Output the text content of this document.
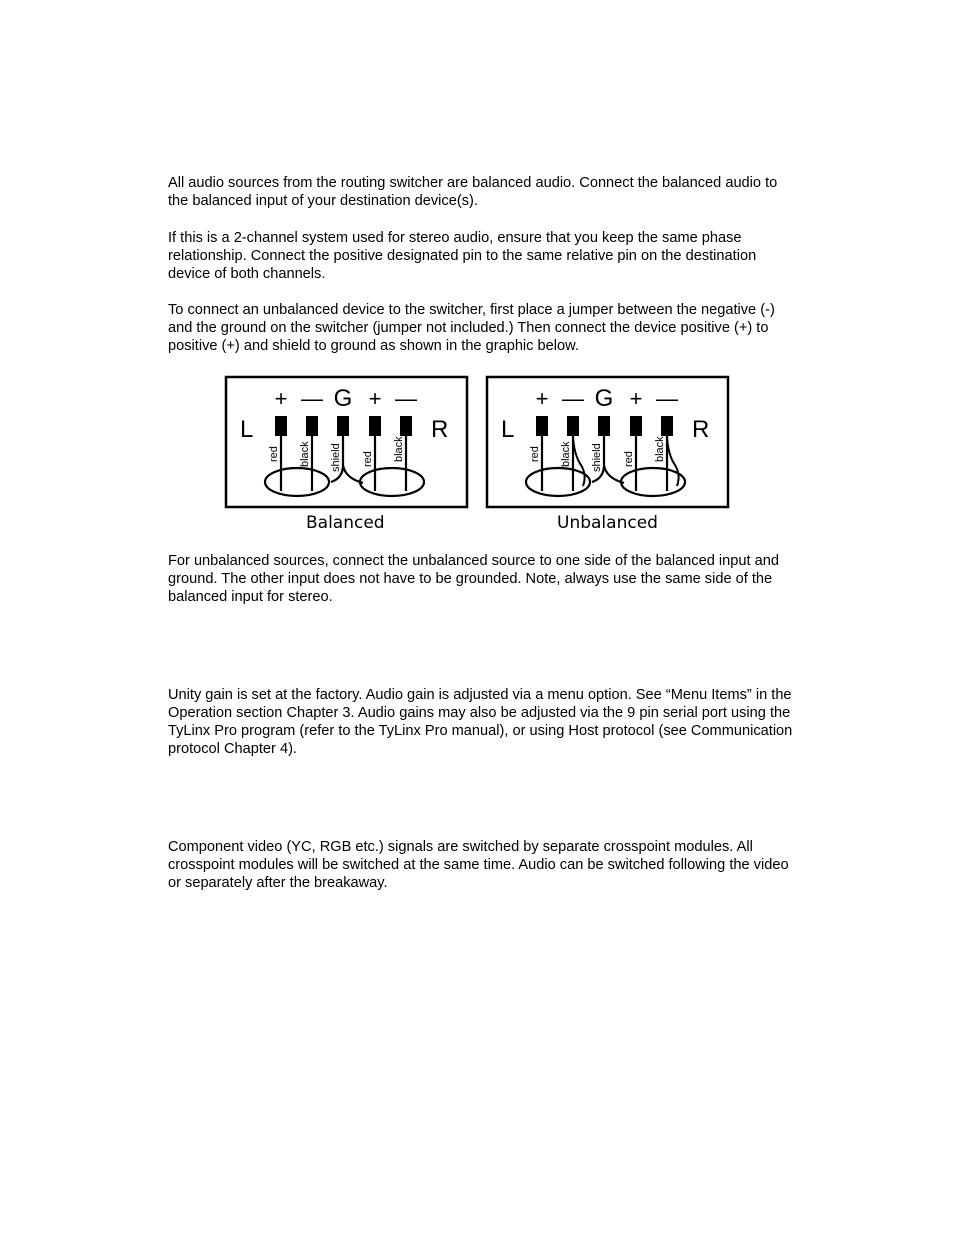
All audio sources from the routing switcher are balanced audio. Connect the balanced audio to
the balanced input of your destination device(s).
If this is a 2-channel system used for stereo audio, ensure that you keep the same phase
relationship. Connect the positive designated pin to the same relative pin on the destination
device of both channels.
To connect an unbalanced device to the switcher, first place a jumper between the negative (-)
and the ground on the switcher (jumper not included.) Then connect the device positive (+) to
positive (+) and shield to ground as shown in the graphic below.
For unbalanced sources, connect the unbalanced source to one side of the balanced input and
ground. The other input does not have to be grounded. Note, always use the same side of the
balanced input for stereo.
Unity gain is set at the factory. Audio gain is adjusted via a menu option. See “Menu Items” in the
Operation section Chapter 3. Audio gains may also be adjusted via the 9 pin serial port using the
TyLinx Pro program (refer to the TyLinx Pro manual), or using Host protocol (see Communication
protocol Chapter 4).
Component video (YC, RGB etc.) signals are switched by separate crosspoint modules. All
crosspoint modules will be switched at the same time. Audio can be switched following the video
or separately after the breakaway.
L	R
+
red
—
black
G
shield
+
red
—
black
L	R
+
red
—
black
G
shield
+
red
—
black
Balanced	Unbalanced
